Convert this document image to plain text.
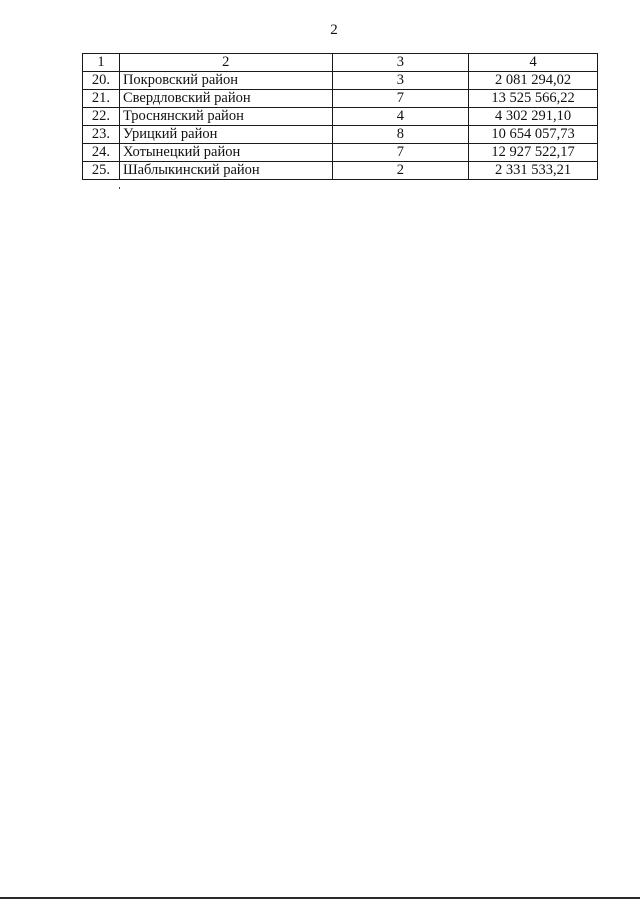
2
1	2	3	4
20.	Покровский район	3	2 081 294,02
21.	Свердловский район	7	13 525 566,22
22.	Троснянский район	4	4 302 291,10
23.	Урицкий район	8	10 654 057,73
24.	Хотынецкий район	7	12 927 522,17
25.	Шаблыкинский район	2	2 331 533,21
